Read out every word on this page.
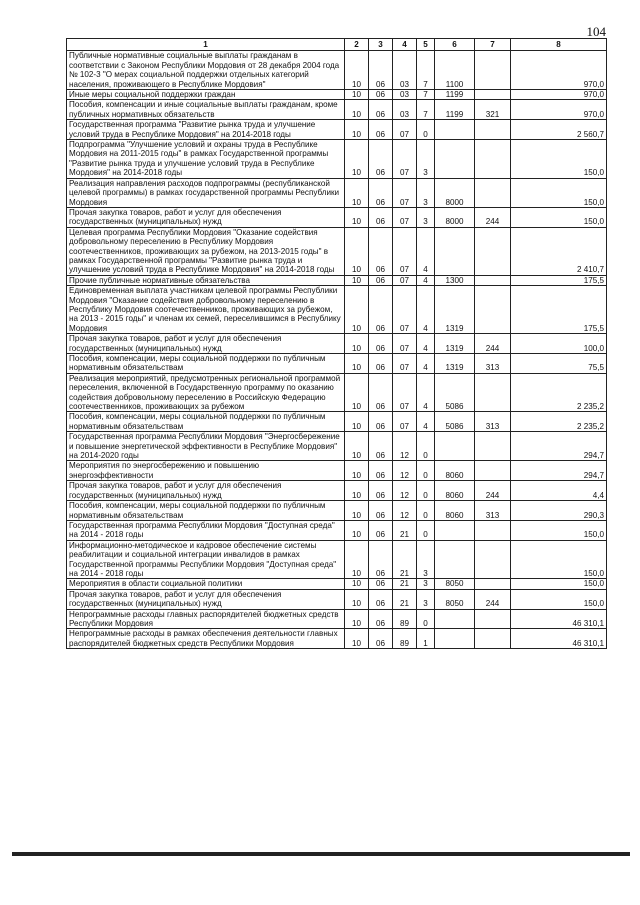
104
1	2	3	4	5	6	7	8
Публичные нормативные социальные выплаты гражданам в соответствии с Законом Республики Мордовия от 28 декабря 2004 года № 102-3 "О мерах социальной поддержки отдельных категорий населения, проживающего в Республике Мордовия"	10	06	03	7	1100		970,0
Иные меры социальной поддержки граждан	10	06	03	7	1199		970,0
Пособия, компенсации и иные социальные выплаты гражданам, кроме публичных нормативных обязательств	10	06	03	7	1199	321	970,0
Государственная программа "Развитие рынка труда и улучшение условий труда в Республике Мордовия" на 2014-2018 годы	10	06	07	0			2 560,7
Подпрограмма "Улучшение условий и охраны труда в Республике Мордовия на 2011-2015 годы" в рамках Государственной программы "Развитие рынка труда и улучшение условий труда в Республике Мордовия" на 2014-2018 годы	10	06	07	3			150,0
Реализация направления расходов подпрограммы (республиканской целевой программы) в рамках государственной программы Республики Мордовия	10	06	07	3	8000		150,0
Прочая закупка товаров, работ и услуг для обеспечения государственных (муниципальных) нужд	10	06	07	3	8000	244	150,0
Целевая программа Республики Мордовия "Оказание содействия добровольному переселению в Республику Мордовия соотечественников, проживающих за рубежом, на 2013-2015 годы" в рамках Государственной программы "Развитие рынка труда и улучшение условий труда в Республике Мордовия" на 2014-2018 годы	10	06	07	4			2 410,7
Прочие публичные нормативные обязательства	10	06	07	4	1300		175,5
Единовременная выплата участникам целевой программы Республики Мордовия "Оказание содействия добровольному переселению в Республику Мордовия соотечественников, проживающих за рубежом, на 2013 - 2015 годы" и членам их семей, переселившимся в Республику Мордовия	10	06	07	4	1319		175,5
Прочая закупка товаров, работ и услуг для обеспечения государственных (муниципальных) нужд	10	06	07	4	1319	244	100,0
Пособия, компенсации, меры социальной поддержки по публичным нормативным обязательствам	10	06	07	4	1319	313	75,5
Реализация мероприятий, предусмотренных региональной программой переселения, включенной в Государственную программу по оказанию содействия добровольному переселению в Российскую Федерацию соотечественников, проживающих за рубежом	10	06	07	4	5086		2 235,2
Пособия, компенсации, меры социальной поддержки по публичным нормативным обязательствам	10	06	07	4	5086	313	2 235,2
Государственная программа Республики Мордовия "Энергосбережение и повышение энергетической эффективности в Республике Мордовия" на 2014-2020 годы	10	06	12	0			294,7
Мероприятия по энергосбережению и повышению энергоэффективности	10	06	12	0	8060		294,7
Прочая закупка товаров, работ и услуг для обеспечения государственных (муниципальных) нужд	10	06	12	0	8060	244	4,4
Пособия, компенсации, меры социальной поддержки по публичным нормативным обязательствам	10	06	12	0	8060	313	290,3
Государственная программа Республики Мордовия "Доступная среда" на 2014 - 2018 годы	10	06	21	0			150,0
Информационно-методическое и кадровое обеспечение системы реабилитации и социальной интеграции инвалидов в рамках Государственной программы Республики Мордовия "Доступная среда" на 2014 - 2018 годы	10	06	21	3			150,0
Мероприятия в области социальной политики	10	06	21	3	8050		150,0
Прочая закупка товаров, работ и услуг для обеспечения государственных (муниципальных) нужд	10	06	21	3	8050	244	150,0
Непрограммные расходы главных распорядителей бюджетных средств Республики Мордовия	10	06	89	0			46 310,1
Непрограммные расходы в рамках обеспечения деятельности главных распорядителей бюджетных средств Республики Мордовия	10	06	89	1			46 310,1
